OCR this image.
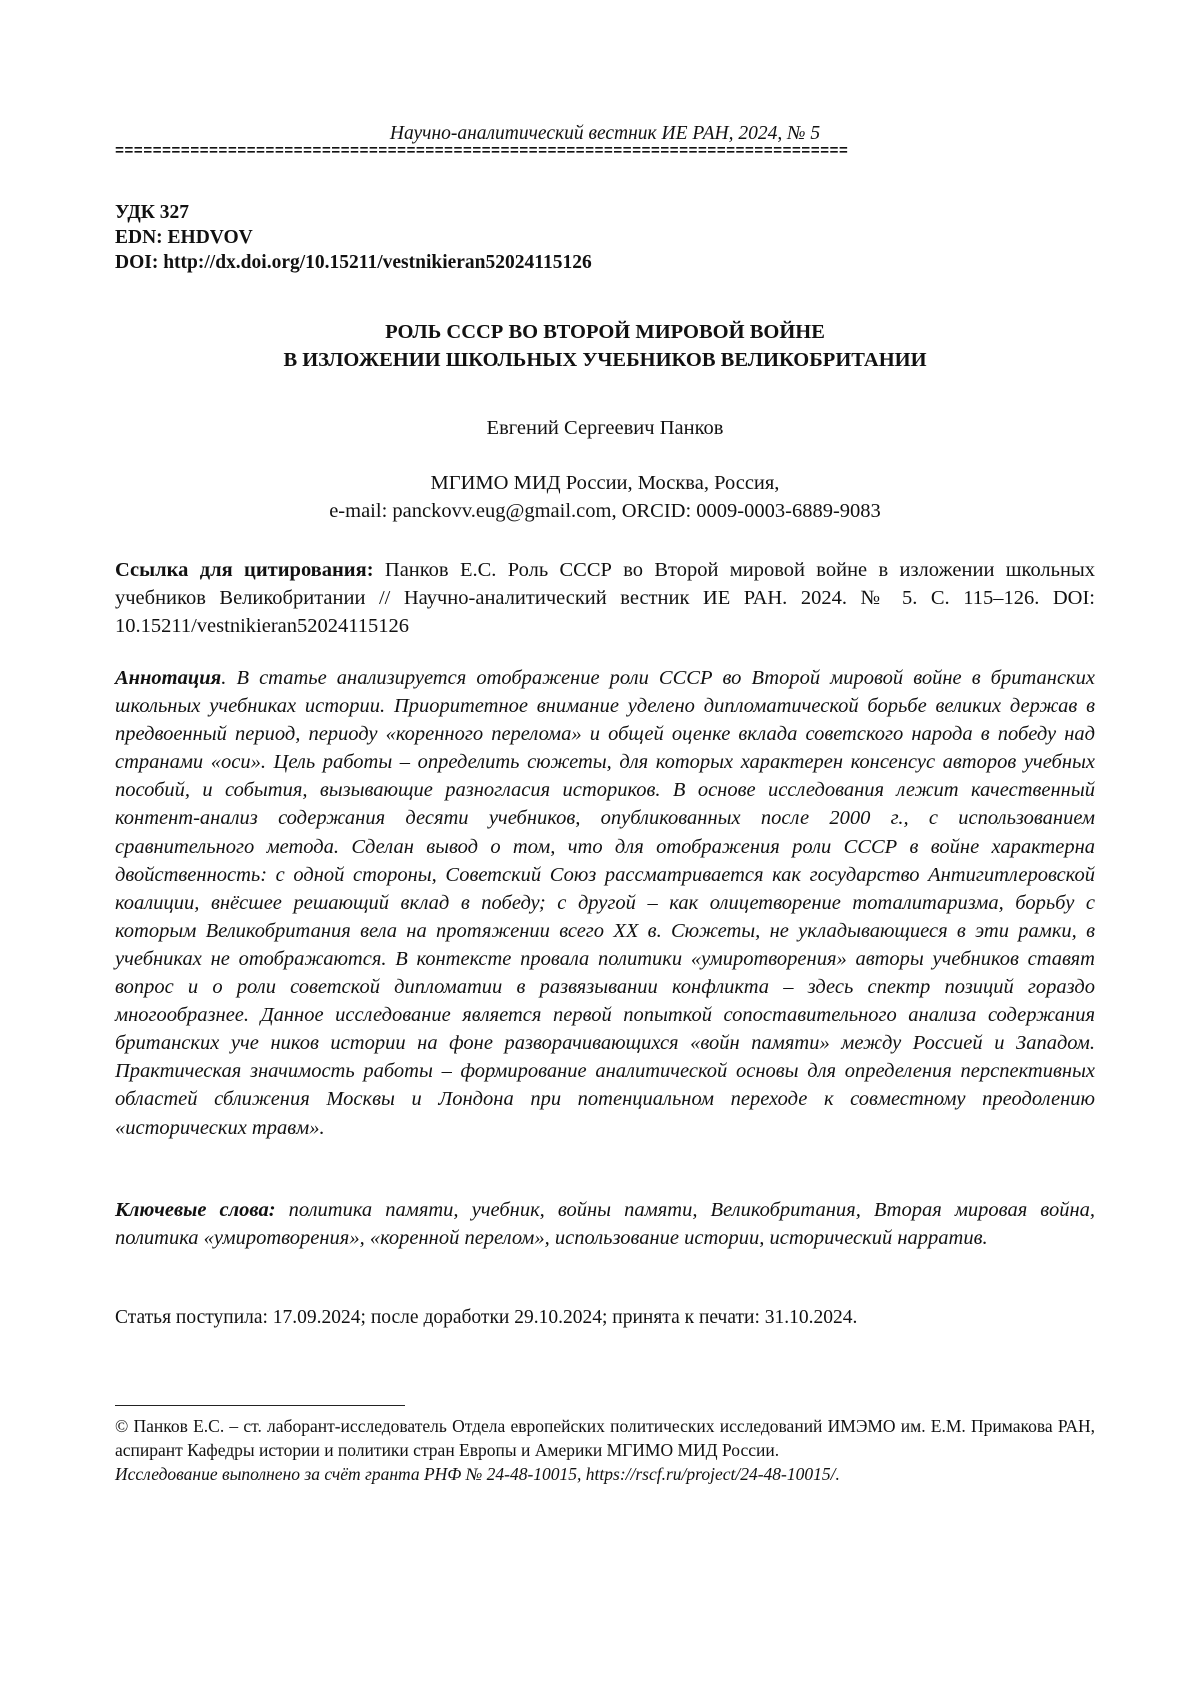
Научно-аналитический вестник ИЕ РАН, 2024, № 5
==============================================================================
УДК 327
EDN: EHDVOV
DOI: http://dx.doi.org/10.15211/vestnikieran52024115126
РОЛЬ СССР ВО ВТОРОЙ МИРОВОЙ ВОЙНЕ
В ИЗЛОЖЕНИИ ШКОЛЬНЫХ УЧЕБНИКОВ ВЕЛИКОБРИТАНИИ
Евгений Сергеевич Панков
МГИМО МИД России, Москва, Россия,
e-mail: panckovv.eug@gmail.com, ORCID: 0009-0003-6889-9083
Ссылка для цитирования: Панков Е.С. Роль СССР во Второй мировой войне в изложении школьных учебников Великобритании // Научно-аналитический вестник ИЕ РАН. 2024. № 5. С. 115–126. DOI: 10.15211/vestnikieran52024115126
Аннотация. В статье анализируется отображение роли СССР во Второй мировой войне в британских школьных учебниках истории. Приоритетное внимание уделено дипломатической борьбе великих держав в предвоенный период, периоду «коренного перелома» и общей оценке вклада советского народа в победу над странами «оси». Цель работы – определить сюжеты, для которых характерен консенсус авторов учебных пособий, и события, вызывающие разногласия историков. В основе исследования лежит качественный контент-анализ содержания десяти учебников, опубликованных после 2000 г., с использованием сравнительного метода. Сделан вывод о том, что для отображения роли СССР в войне характерна двойственность: с одной стороны, Советский Союз рассматривается как государство Антигитлеровской коалиции, внёсшее решающий вклад в победу; с другой – как олицетворение тоталитаризма, борьбу с которым Великобритания вела на протяжении всего XX в. Сюжеты, не укладывающиеся в эти рамки, в учебниках не отображаются. В контексте провала политики «умиротворения» авторы учебников ставят вопрос и о роли советской дипломатии в развязывании конфликта – здесь спектр позиций гораздо многообразнее. Данное исследование является первой попыткой сопоставительного анализа содержания британских уче ников истории на фоне разворачивающихся «войн памяти» между Россией и Западом. Практическая значимость работы – формирование аналитической основы для определения перспективных областей сближения Москвы и Лондона при потенциальном переходе к совместному преодолению «исторических травм».
Ключевые слова: политика памяти, учебник, войны памяти, Великобритания, Вторая мировая война, политика «умиротворения», «коренной перелом», использование истории, исторический нарратив.
Статья поступила: 17.09.2024; после доработки 29.10.2024; принята к печати: 31.10.2024.
© Панков Е.С. – ст. лаборант-исследователь Отдела европейских политических исследований ИМЭМО им. Е.М. Примакова РАН, аспирант Кафедры истории и политики стран Европы и Америки МГИМО МИД России.
Исследование выполнено за счёт гранта РНФ № 24-48-10015, https://rscf.ru/project/24-48-10015/.
